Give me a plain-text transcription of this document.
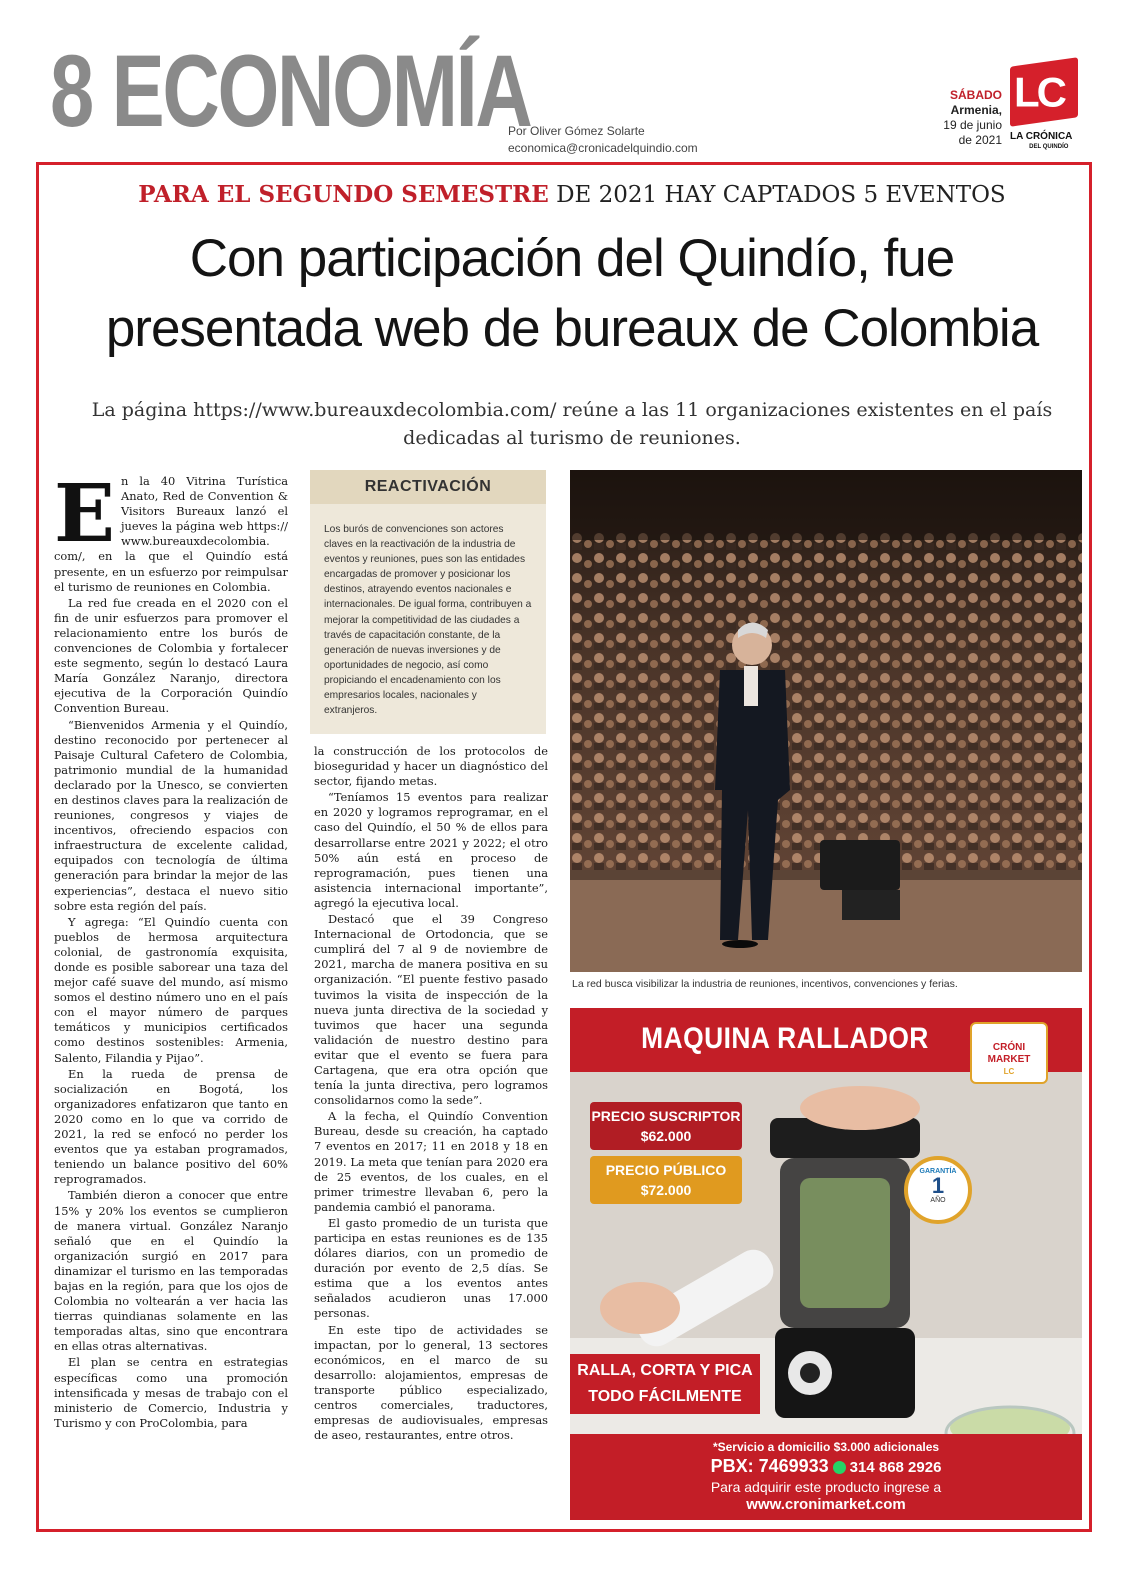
8 ECONOMÍA
Por Oliver Gómez Solarte
economica@cronicadelquindio.com
SÁBADO
Armenia,
19 de junio
de 2021
LC
LA CRÓNICA
DEL QUINDÍO
PARA EL SEGUNDO SEMESTRE DE 2021 HAY CAPTADOS 5 EVENTOS
Con participación del Quindío, fue
presentada web de bureaux de Colombia
La página https://www.bureauxdecolombia.com/ reúne a las 11 organizaciones existentes en el país
dedicadas al turismo de reuniones.
E n la 40 Vitrina Turística Anato, Red de Convention & Visitors Bureaux lanzó el jueves la página web https:// www.bureauxdecolombia. com/, en la que el Quindío está presente, en un esfuerzo por reimpulsar el turismo de reuniones en Colombia.

La red fue creada en el 2020 con el fin de unir esfuerzos para promover el relacionamiento entre los burós de convenciones de Colombia y fortalecer este segmento, según lo destacó Laura María González Naranjo, directora ejecutiva de la Corporación Quindío Convention Bureau.

“Bienvenidos Armenia y el Quindío, destino reconocido por pertenecer al Paisaje Cultural Cafetero de Colombia, patrimonio mundial de la humanidad declarado por la Unesco, se convierten en destinos claves para la realización de reuniones, congresos y viajes de incentivos, ofreciendo espacios con infraestructura de excelente calidad, equipados con tecnología de última generación para brindar la mejor de las experiencias”, destaca el nuevo sitio sobre esta región del país.

Y agrega: “El Quindío cuenta con pueblos de hermosa arquitectura colonial, de gastronomía exquisita, donde es posible saborear una taza del mejor café suave del mundo, así mismo somos el destino número uno en el país con el mayor número de parques temáticos y municipios certificados como destinos sostenibles: Armenia, Salento, Filandia y Pijao”.

En la rueda de prensa de socialización en Bogotá, los organizadores enfatizaron que tanto en 2020 como en lo que va corrido de 2021, la red se enfocó no perder los eventos que ya estaban programados, teniendo un balance positivo del 60% reprogramados.

También dieron a conocer que entre 15% y 20% los eventos se cumplieron de manera virtual. González Naranjo señaló que en el Quindío la organización surgió en 2017 para dinamizar el turismo en las temporadas bajas en la región, para que los ojos de Colombia no voltearán a ver hacia las tierras quindianas solamente en las temporadas altas, sino que encontrara en ellas otras alternativas.

El plan se centra en estrategias específicas como una promoción intensificada y mesas de trabajo con el ministerio de Comercio, Industria y Turismo y con ProColombia, para

REACTIVACIÓN
Los burós de convenciones son actores claves en la reactivación de la industria de eventos y reuniones, pues son las entidades encargadas de promover y posicionar los destinos, atrayendo eventos nacionales e internacionales. De igual forma, contribuyen a mejorar la competitividad de las ciudades a través de capacitación constante, de la generación de nuevas inversiones y de oportunidades de negocio, así como propiciando el encadenamiento con los empresarios locales, nacionales y extranjeros.

la construcción de los protocolos de bioseguridad y hacer un diagnóstico del sector, fijando metas.

“Teníamos 15 eventos para realizar en 2020 y logramos reprogramar, en el caso del Quindío, el 50 % de ellos para desarrollarse entre 2021 y 2022; el otro 50% aún está en proceso de reprogramación, pues tienen una asistencia internacional importante”, agregó la ejecutiva local.

Destacó que el 39 Congreso Internacional de Ortodoncia, que se cumplirá del 7 al 9 de noviembre de 2021, marcha de manera positiva en su organización. “El puente festivo pasado tuvimos la visita de inspección de la nueva junta directiva de la sociedad y tuvimos que hacer una segunda validación de nuestro destino para evitar que el evento se fuera para Cartagena, que era otra opción que tenía la junta directiva, pero logramos consolidarnos como la sede”.

A la fecha, el Quindío Convention Bureau, desde su creación, ha captado 7 eventos en 2017; 11 en 2018 y 18 en 2019. La meta que tenían para 2020 era de 25 eventos, de los cuales, en el primer trimestre llevaban 6, pero la pandemia cambió el panorama.

El gasto promedio de un turista que participa en estas reuniones es de 135 dólares diarios, con un promedio de duración por evento de 2,5 días. Se estima que a los eventos antes señalados acudieron unas 17.000 personas.

En este tipo de actividades se impactan, por lo general, 13 sectores económicos, en el marco de su desarrollo: alojamientos, empresas de transporte público especializado, centros comerciales, traductores, empresas de audiovisuales, empresas de aseo, restaurantes, entre otros.

La red busca visibilizar la industria de reuniones, incentivos, convenciones y ferias.
MAQUINA RALLADOR	CRÓNI MARKET
LC
PRECIO SUSCRIPTOR
$62.000
PRECIO PÚBLICO
$72.000
GARANTÍA
1
AÑO
RALLA, CORTA Y PICA
TODO FÁCILMENTE
*Servicio a domicilio $3.000 adicionales
PBX: 7469933 314 868 2926
Para adquirir este producto ingrese a
www.cronimarket.com
